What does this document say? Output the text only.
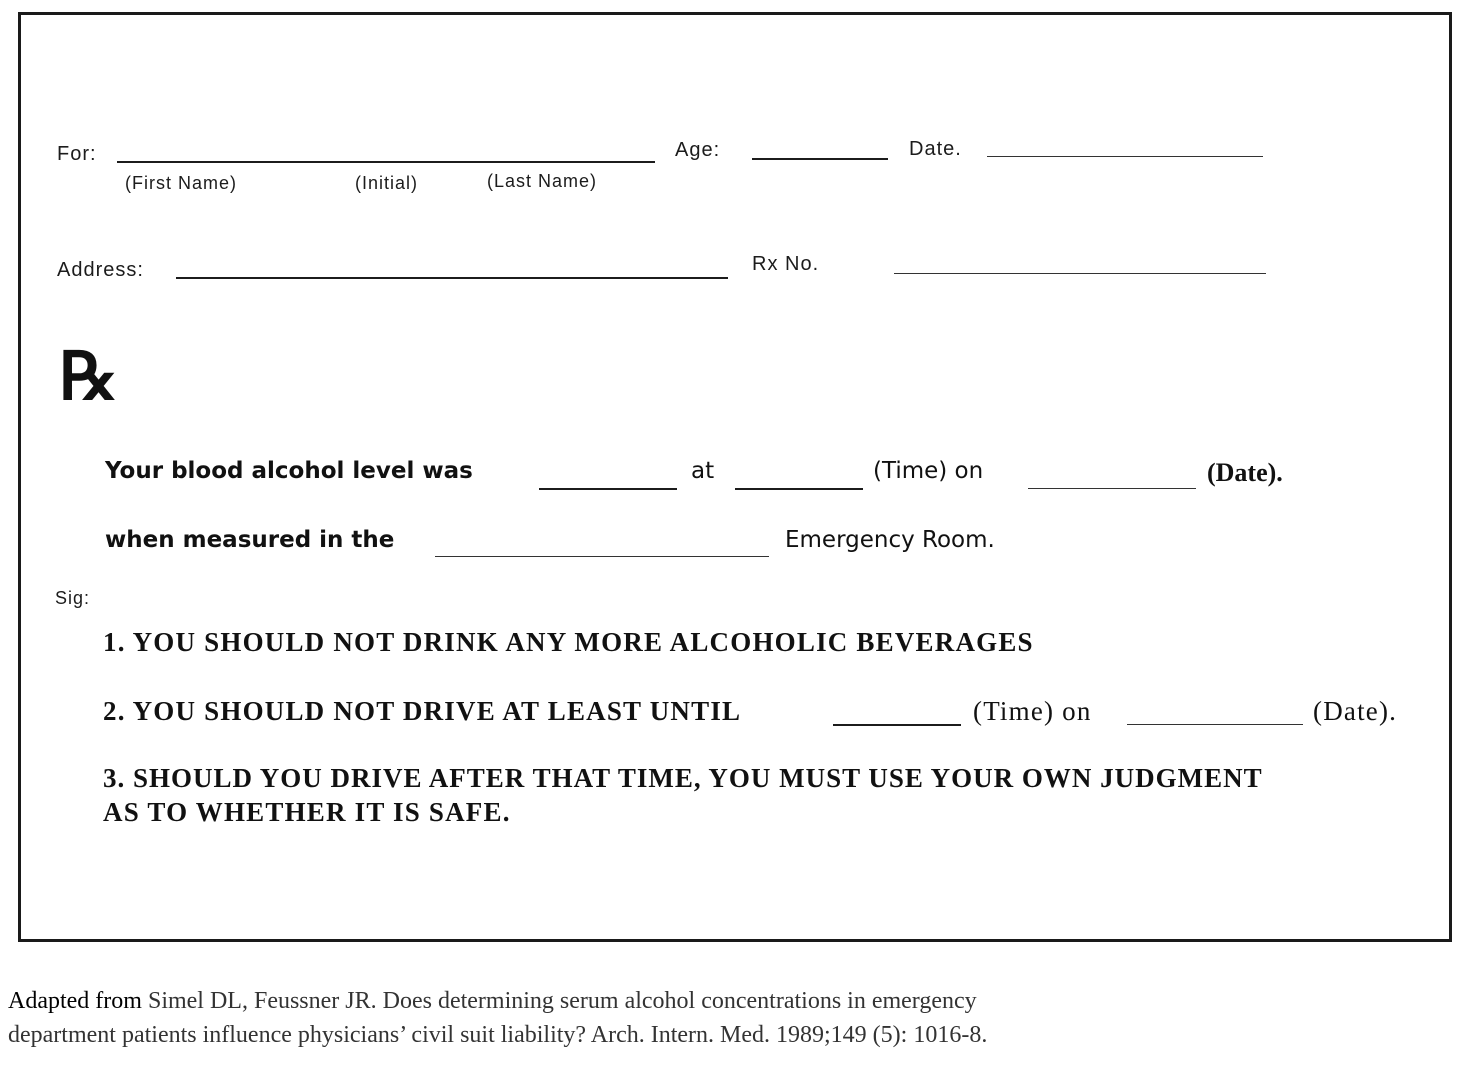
For:
(First Name)	(Initial)	(Last Name)
Age:	Date.
Address:	Rx No.
℞
Your blood alcohol level was	at	(Time) on	(Date).
when measured in the	Emergency Room.
Sig:
1. YOU SHOULD NOT DRINK ANY MORE ALCOHOLIC BEVERAGES
2. YOU SHOULD NOT DRIVE AT LEAST UNTIL	(Time) on	(Date).
3. SHOULD YOU DRIVE AFTER THAT TIME, YOU MUST USE YOUR OWN JUDGMENT
AS TO WHETHER IT IS SAFE.
Adapted from Simel DL, Feussner JR. Does determining serum alcohol concentrations in emergency
department patients influence physicians’ civil suit liability? Arch. Intern. Med. 1989;149 (5): 1016-8.
